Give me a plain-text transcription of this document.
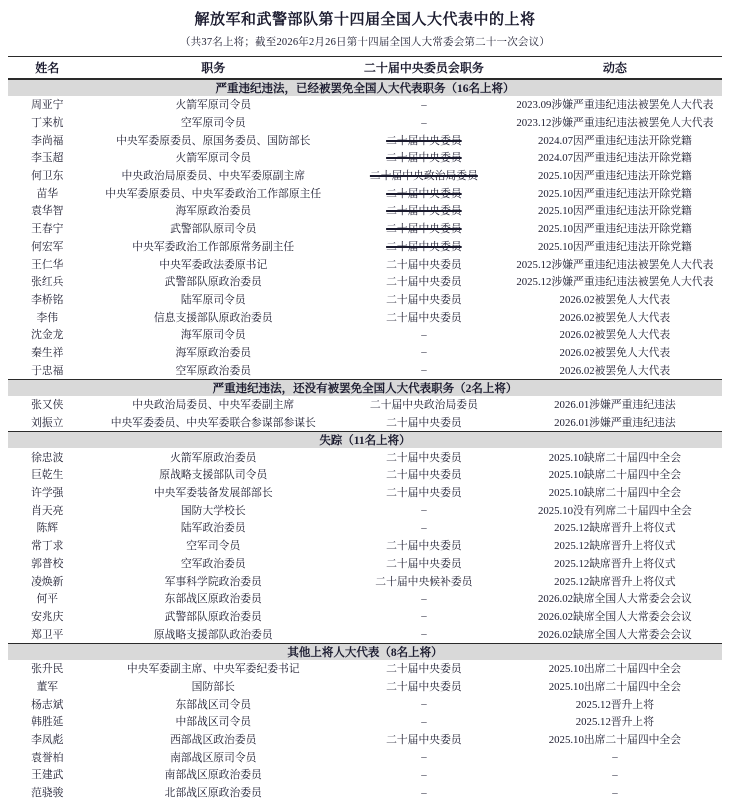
解放军和武警部队第十四届全国人大代表中的上将
（共37名上将；截至2026年2月26日第十四届全国人大常委会第二十一次会议）
姓名	职务	二十届中央委员会职务	动态
严重违纪违法，已经被罢免全国人大代表职务（16名上将）			
周亚宁	火箭军原司令员	–	2023.09涉嫌严重违纪违法被罢免人大代表
丁来杭	空军原司令员	–	2023.12涉嫌严重违纪违法被罢免人大代表
李尚福	中央军委原委员、原国务委员、国防部长	二十届中央委员	2024.07因严重违纪违法开除党籍
李玉超	火箭军原司令员	二十届中央委员	2024.07因严重违纪违法开除党籍
何卫东	中央政治局原委员、中央军委原副主席	二十届中央政治局委员	2025.10因严重违纪违法开除党籍
苗华	中央军委原委员、中央军委政治工作部原主任	二十届中央委员	2025.10因严重违纪违法开除党籍
袁华智	海军原政治委员	二十届中央委员	2025.10因严重违纪违法开除党籍
王春宁	武警部队原司令员	二十届中央委员	2025.10因严重违纪违法开除党籍
何宏军	中央军委政治工作部原常务副主任	二十届中央委员	2025.10因严重违纪违法开除党籍
王仁华	中央军委政法委原书记	二十届中央委员	2025.12涉嫌严重违纪违法被罢免人大代表
张红兵	武警部队原政治委员	二十届中央委员	2025.12涉嫌严重违纪违法被罢免人大代表
李桥铭	陆军原司令员	二十届中央委员	2026.02被罢免人大代表
李伟	信息支援部队原政治委员	二十届中央委员	2026.02被罢免人大代表
沈金龙	海军原司令员	–	2026.02被罢免人大代表
秦生祥	海军原政治委员	–	2026.02被罢免人大代表
于忠福	空军原政治委员	–	2026.02被罢免人大代表
严重违纪违法，还没有被罢免全国人大代表职务（2名上将）			
张又侠	中央政治局委员、中央军委副主席	二十届中央政治局委员	2026.01涉嫌严重违纪违法
刘振立	中央军委委员、中央军委联合参谋部参谋长	二十届中央委员	2026.01涉嫌严重违纪违法
失踪（11名上将）			
徐忠波	火箭军原政治委员	二十届中央委员	2025.10缺席二十届四中全会
巨乾生	原战略支援部队司令员	二十届中央委员	2025.10缺席二十届四中全会
许学强	中央军委装备发展部部长	二十届中央委员	2025.10缺席二十届四中全会
肖天亮	国防大学校长	–	2025.10没有列席二十届四中全会
陈辉	陆军政治委员	–	2025.12缺席晋升上将仪式
常丁求	空军司令员	二十届中央委员	2025.12缺席晋升上将仪式
郭普校	空军政治委员	二十届中央委员	2025.12缺席晋升上将仪式
凌焕新	军事科学院政治委员	二十届中央候补委员	2025.12缺席晋升上将仪式
何平	东部战区原政治委员	–	2026.02缺席全国人大常委会会议
安兆庆	武警部队原政治委员	–	2026.02缺席全国人大常委会会议
郑卫平	原战略支援部队政治委员	–	2026.02缺席全国人大常委会会议
其他上将人大代表（8名上将）			
张升民	中央军委副主席、中央军委纪委书记	二十届中央委员	2025.10出席二十届四中全会
董军	国防部长	二十届中央委员	2025.10出席二十届四中全会
杨志斌	东部战区司令员	–	2025.12晋升上将
韩胜延	中部战区司令员	–	2025.12晋升上将
李凤彪	西部战区政治委员	二十届中央委员	2025.10出席二十届四中全会
袁誉柏	南部战区原司令员	–	–
王建武	南部战区原政治委员	–	–
范骁骏	北部战区原政治委员	–	–
